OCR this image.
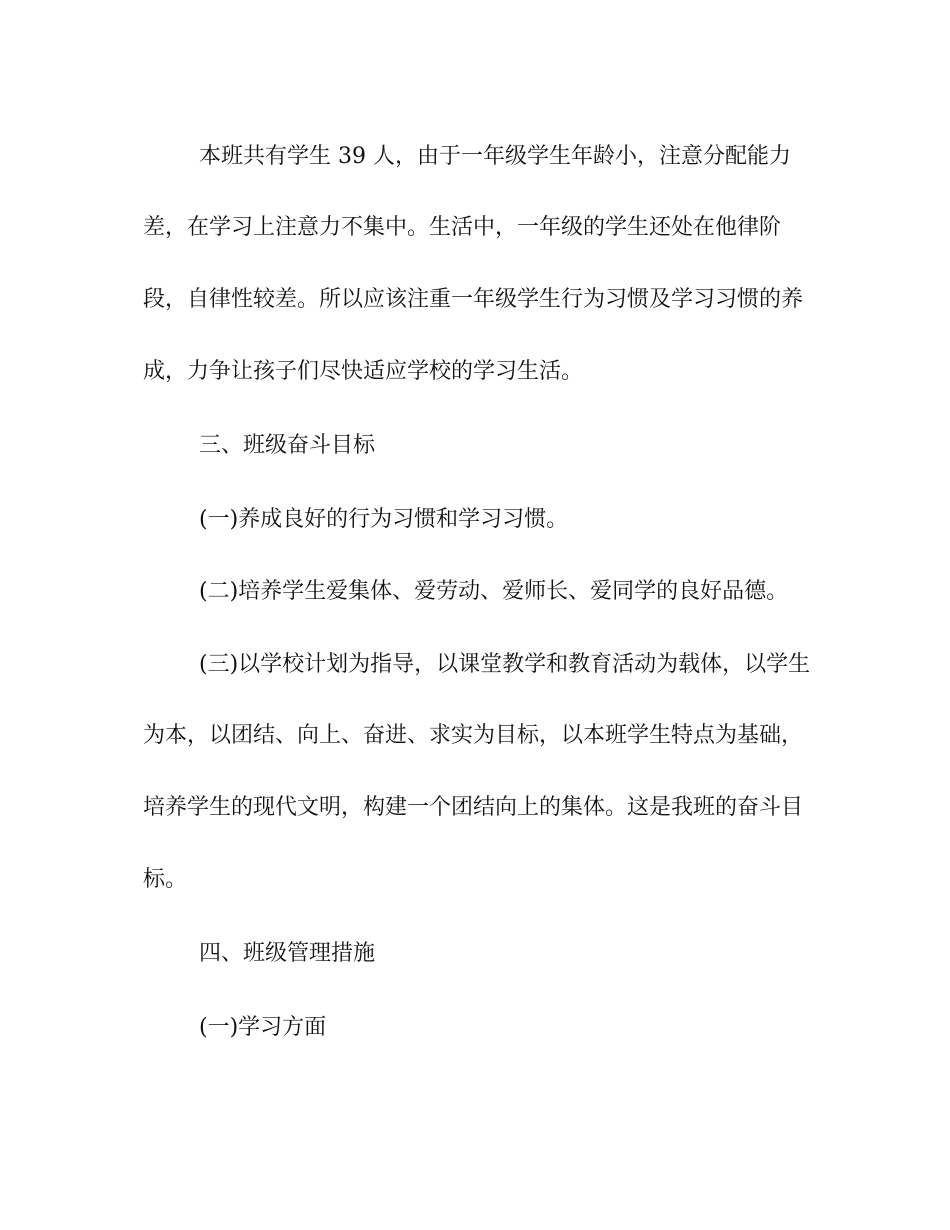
本班共有学生 39 人，由于一年级学生年龄小，注意分配能力
差，在学习上注意力不集中。生活中，一年级的学生还处在他律阶
段，自律性较差。所以应该注重一年级学生行为习惯及学习习惯的养
成，力争让孩子们尽快适应学校的学习生活。
三、班级奋斗目标
(一)养成良好的行为习惯和学习习惯。
(二)培养学生爱集体、爱劳动、爱师长、爱同学的良好品德。
(三)以学校计划为指导，以课堂教学和教育活动为载体，以学生
为本，以团结、向上、奋进、求实为目标，以本班学生特点为基础，
培养学生的现代文明，构建一个团结向上的集体。这是我班的奋斗目
标。
四、班级管理措施
(一)学习方面
